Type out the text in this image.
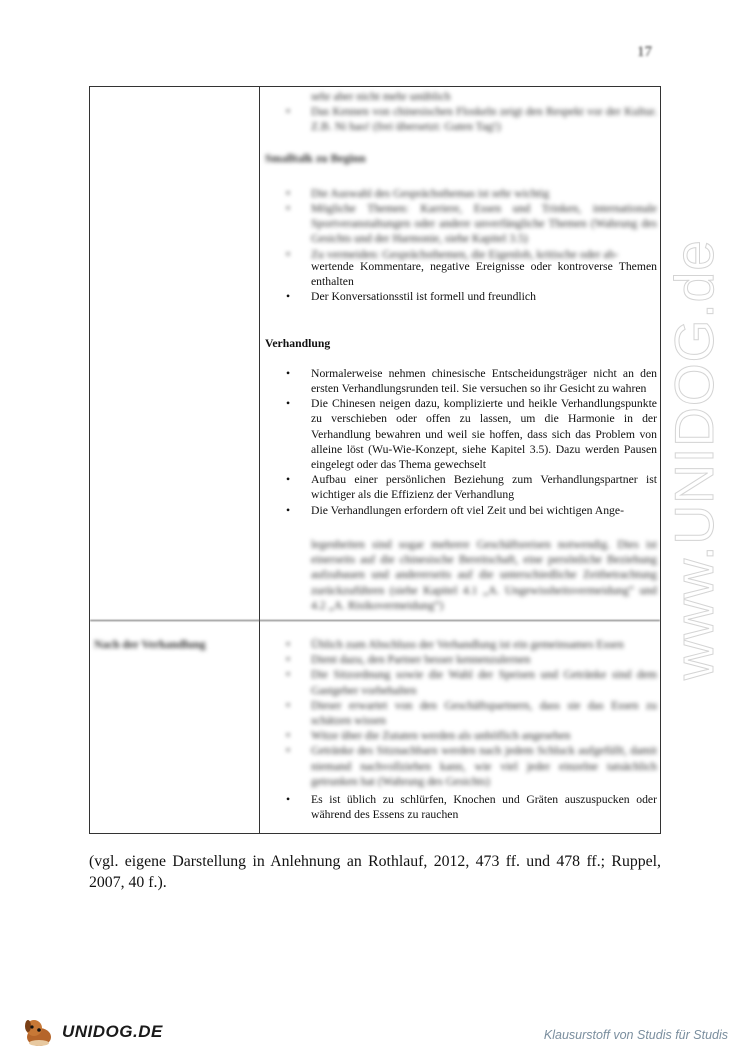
17
www.UNIDOG.de
sehr aber nicht mehr unüblich
• Das Kennen von chinesischen Floskeln zeigt den Respekt vor der Kultur. Z.B. Ni hao! (frei übersetzt: Guten Tag!)

Smalltalk zu Beginn

• Die Auswahl des Gesprächsthemas ist sehr wichtig
• Mögliche Themen: Karriere, Essen und Trinken, internationale Sportveranstaltungen oder andere unverfängliche Themen (Wahrung des Gesichts und der Harmonie, siehe Kapitel 3.5)
• Zu vermeiden: Gesprächsthemen, die Eigenlob, kritische oder ab-
wertende Kommentare, negative Ereignisse oder kontroverse Themen enthalten
• Der Konversationsstil ist formell und freundlich

Verhandlung

• Normalerweise nehmen chinesische Entscheidungsträger nicht an den ersten Verhandlungsrunden teil. Sie versuchen so ihr Gesicht zu wahren
• Die Chinesen neigen dazu, komplizierte und heikle Verhandlungspunkte zu verschieben oder offen zu lassen, um die Harmonie in der Verhandlung bewahren und weil sie hoffen, dass sich das Problem von alleine löst (Wu-Wie-Konzept, siehe Kapitel 3.5). Dazu werden Pausen eingelegt oder das Thema gewechselt
• Aufbau einer persönlichen Beziehung zum Verhandlungspartner ist wichtiger als die Effizienz der Verhandlung
• Die Verhandlungen erfordern oft viel Zeit und bei wichtigen Ange-
legenheiten sind sogar mehrere Geschäftsreisen notwendig. Dies ist einerseits auf die chinesische Bereitschaft, eine persönliche Beziehung aufzubauen und andererseits auf die unterschiedliche Zeitbetrachtung zurückzuführen (siehe Kapitel 4.1 „A. Ungewissheitsvermeidung“ und 4.2 „A. Risikovermeidung“)
Nach der Verhandlung	• Üblich zum Abschluss der Verhandlung ist ein gemeinsames Essen
• Dient dazu, den Partner besser kennenzulernen
• Die Sitzordnung sowie die Wahl der Speisen und Getränke sind dem Gastgeber vorbehalten
• Dieser erwartet von den Geschäftspartnern, dass sie das Essen zu schätzen wissen
• Witze über die Zutaten werden als unhöflich angesehen
• Getränke des Sitznachbarn werden nach jedem Schluck aufgefüllt, damit niemand nachvollziehen kann, wie viel jeder einzelne tatsächlich getrunken hat (Wahrung des Gesichts)
• Es ist üblich zu schlürfen, Knochen und Gräten auszuspucken oder während des Essens zu rauchen
(vgl. eigene Darstellung in Anlehnung an Rothlauf, 2012, 473 ff. und 478 ff.; Ruppel, 2007, 40 f.).
UNIDOG.DE	Klausurstoff von Studis für Studis
